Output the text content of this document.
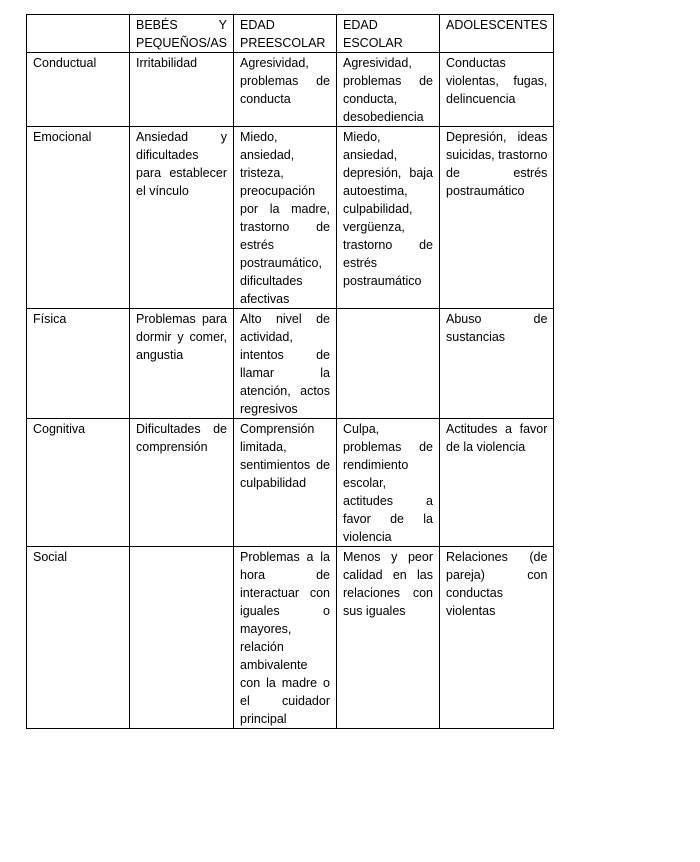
	BEBÉS Y PEQUEÑOS/AS	EDAD PREESCOLAR	EDAD ESCOLAR	ADOLESCENTES
Conductual	Irritabilidad	Agresividad, problemas de conducta	Agresividad, problemas de conducta, desobediencia	Conductas violentas, fugas, delincuencia
Emocional	Ansiedad y dificultades para establecer el vínculo	Miedo, ansiedad, tristeza, preocupación por la madre, trastorno de estrés postraumático, dificultades afectivas	Miedo, ansiedad, depresión, baja autoestima, culpabilidad, vergüenza, trastorno de estrés postraumático	Depresión, ideas suicidas, trastorno de estrés postraumático
Física	Problemas para dormir y comer, angustia	Alto nivel de actividad, intentos de llamar la atención, actos regresivos		Abuso de sustancias
Cognitiva	Dificultades de comprensión	Comprensión limitada, sentimientos de culpabilidad	Culpa, problemas de rendimiento escolar, actitudes a favor de la violencia	Actitudes a favor de la violencia
Social		Problemas a la hora de interactuar con iguales o mayores, relación ambivalente con la madre o el cuidador principal	Menos y peor calidad en las relaciones con sus iguales	Relaciones (de pareja) con conductas violentas
